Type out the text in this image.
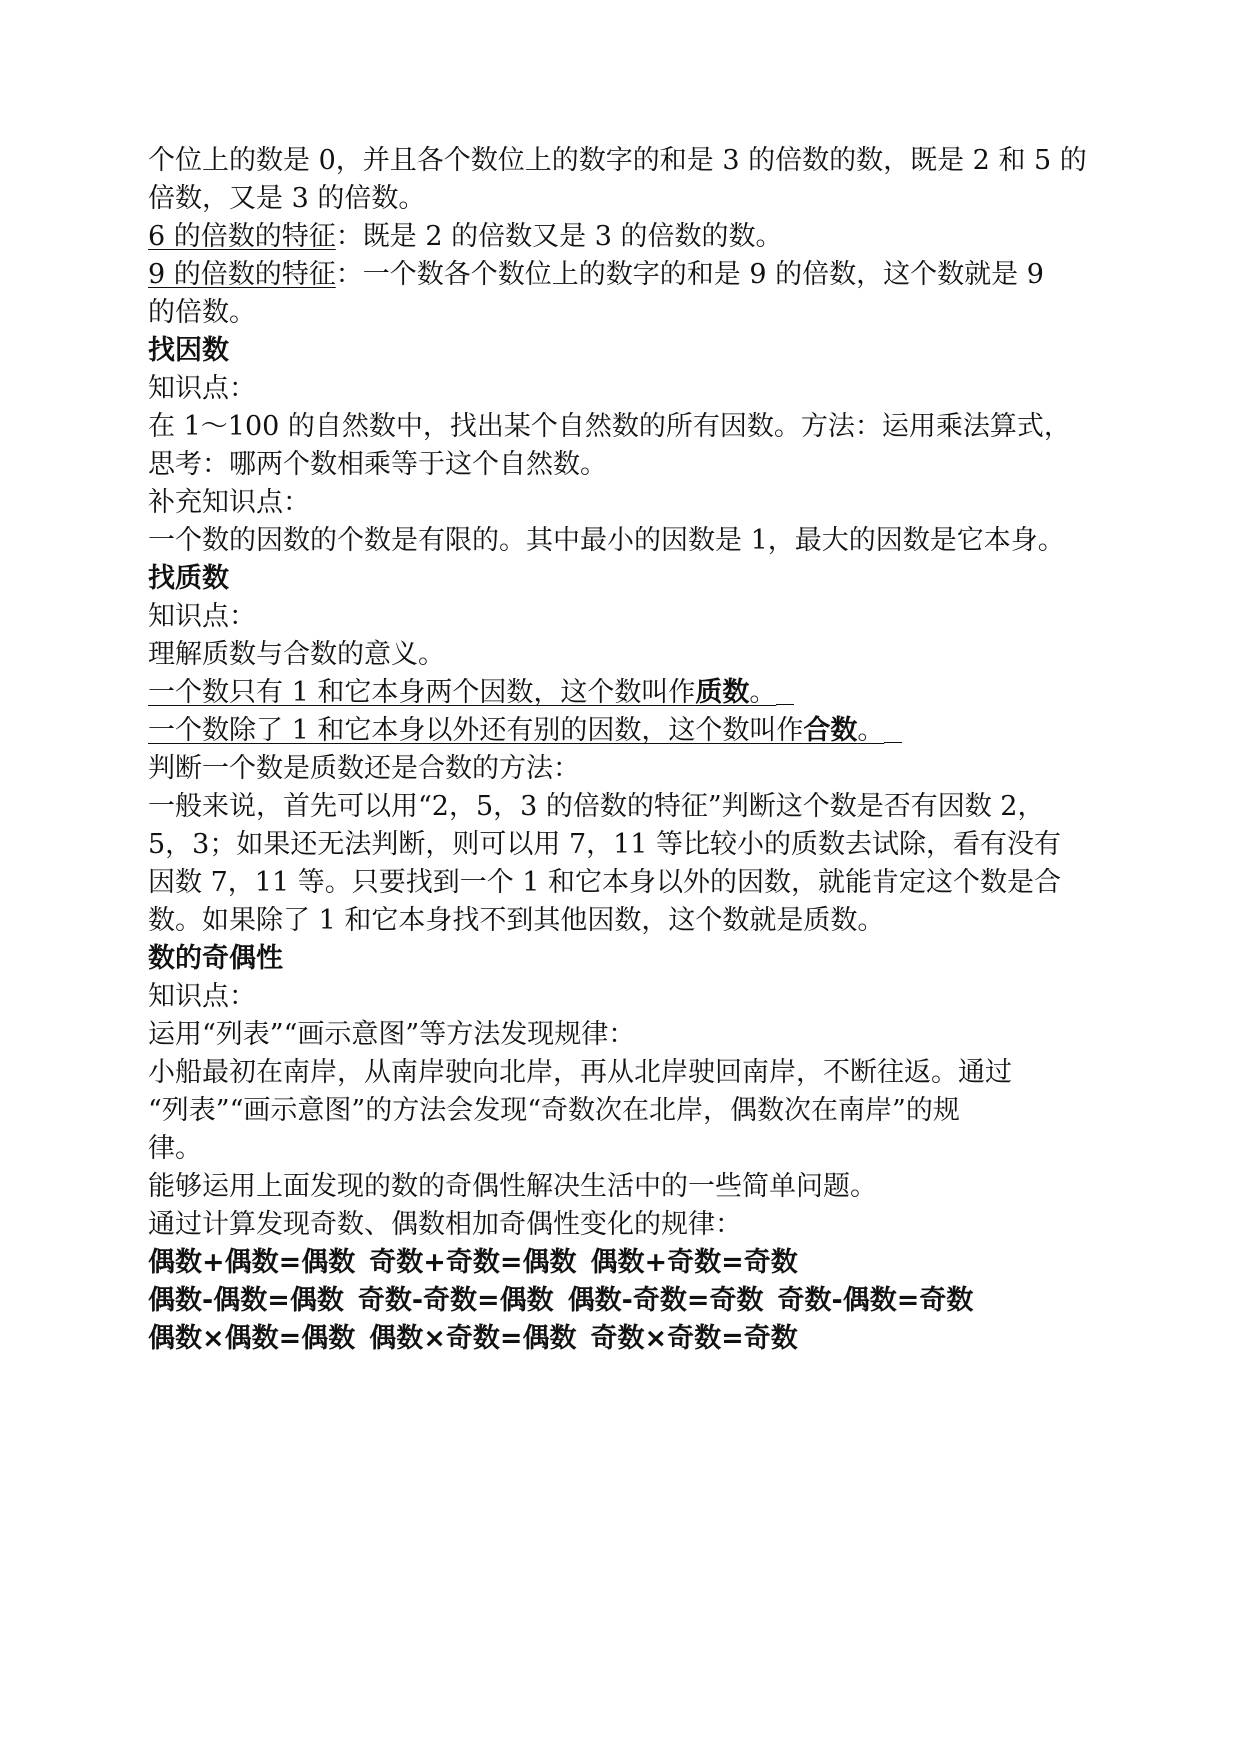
个位上的数是 0，并且各个数位上的数字的和是 3 的倍数的数，既是 2 和 5 的
倍数，又是 3 的倍数。
6 的倍数的特征：既是 2 的倍数又是 3 的倍数的数。
9 的倍数的特征：一个数各个数位上的数字的和是 9 的倍数，这个数就是 9
的倍数。
找因数
知识点：
在 1～100 的自然数中，找出某个自然数的所有因数。方法：运用乘法算式，
思考：哪两个数相乘等于这个自然数。
补充知识点：
一个数的因数的个数是有限的。其中最小的因数是 1，最大的因数是它本身。
找质数
知识点：
理解质数与合数的意义。
一个数只有 1 和它本身两个因数，这个数叫作质数。
一个数除了 1 和它本身以外还有别的因数，这个数叫作合数。
判断一个数是质数还是合数的方法：
一般来说，首先可以用“2，5，3 的倍数的特征”判断这个数是否有因数 2，
5，3；如果还无法判断，则可以用 7，11 等比较小的质数去试除，看有没有
因数 7，11 等。只要找到一个 1 和它本身以外的因数，就能肯定这个数是合
数。如果除了 1 和它本身找不到其他因数，这个数就是质数。
数的奇偶性
知识点：
运用“列表”“画示意图”等方法发现规律：
小船最初在南岸，从南岸驶向北岸，再从北岸驶回南岸，不断往返。通过
“列表”“画示意图”的方法会发现“奇数次在北岸，偶数次在南岸”的规
律。
能够运用上面发现的数的奇偶性解决生活中的一些简单问题。
通过计算发现奇数、偶数相加奇偶性变化的规律：
偶数+偶数=偶数 奇数+奇数=偶数 偶数+奇数=奇数
偶数-偶数=偶数 奇数-奇数=偶数 偶数-奇数=奇数 奇数-偶数=奇数
偶数×偶数=偶数 偶数×奇数=偶数 奇数×奇数=奇数
